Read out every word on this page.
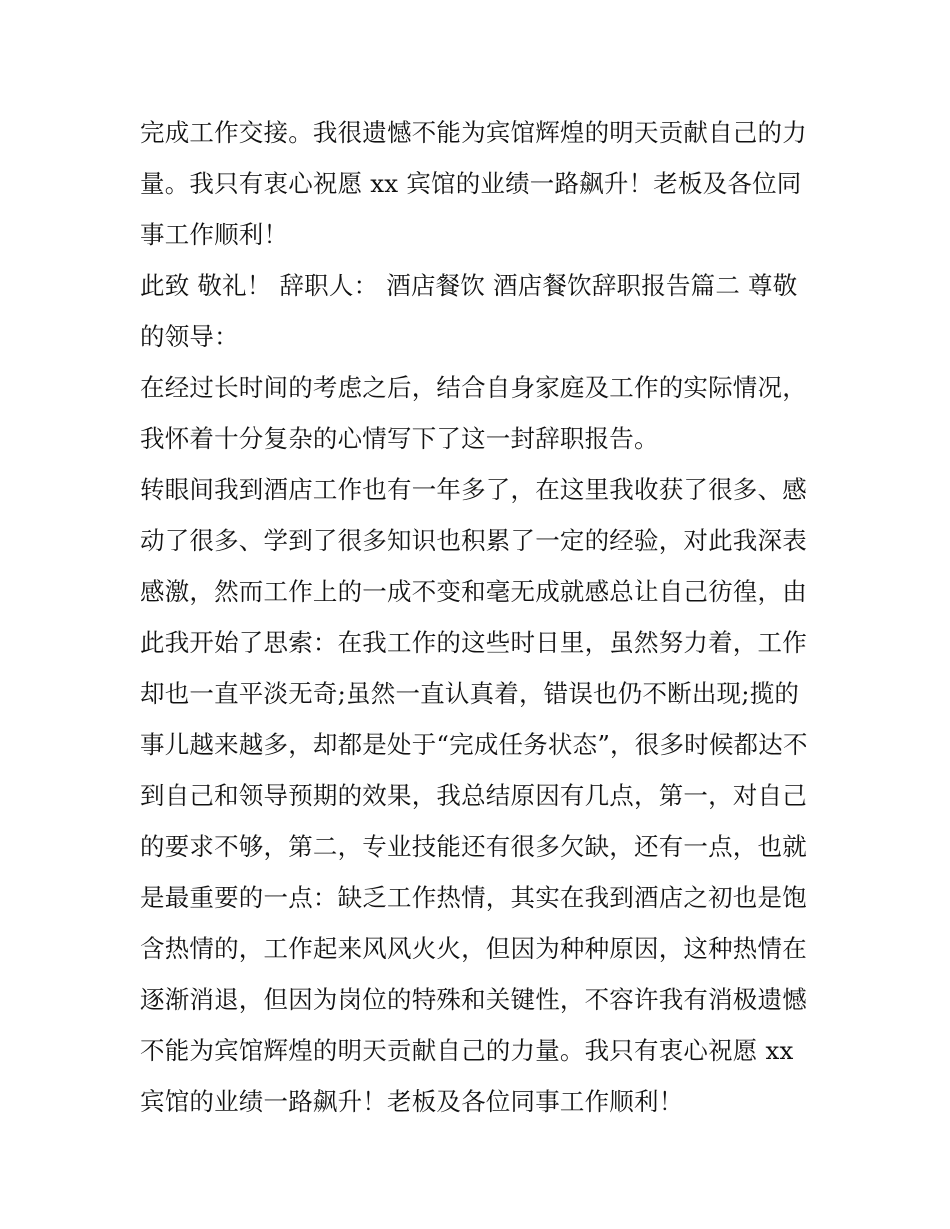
完成工作交接。我很遗憾不能为宾馆辉煌的明天贡献自己的力
量。我只有衷心祝愿 xx 宾馆的业绩一路飙升！老板及各位同
事工作顺利！

此致 敬礼！ 辞职人： 酒店餐饮 酒店餐饮辞职报告篇二 尊敬
的领导：

在经过长时间的考虑之后，结合自身家庭及工作的实际情况，
我怀着十分复杂的心情写下了这一封辞职报告。

转眼间我到酒店工作也有一年多了，在这里我收获了很多、感
动了很多、学到了很多知识也积累了一定的经验，对此我深表
感激，然而工作上的一成不变和毫无成就感总让自己彷徨，由
此我开始了思索：在我工作的这些时日里，虽然努力着，工作
却也一直平淡无奇;虽然一直认真着，错误也仍不断出现;揽的
事儿越来越多，却都是处于“完成任务状态”，很多时候都达不
到自己和领导预期的效果，我总结原因有几点，第一，对自己
的要求不够，第二，专业技能还有很多欠缺，还有一点，也就
是最重要的一点：缺乏工作热情，其实在我到酒店之初也是饱
含热情的，工作起来风风火火，但因为种种原因，这种热情在
逐渐消退，但因为岗位的特殊和关键性，不容许我有消极遗憾
不能为宾馆辉煌的明天贡献自己的力量。我只有衷心祝愿 xx
宾馆的业绩一路飙升！老板及各位同事工作顺利！
